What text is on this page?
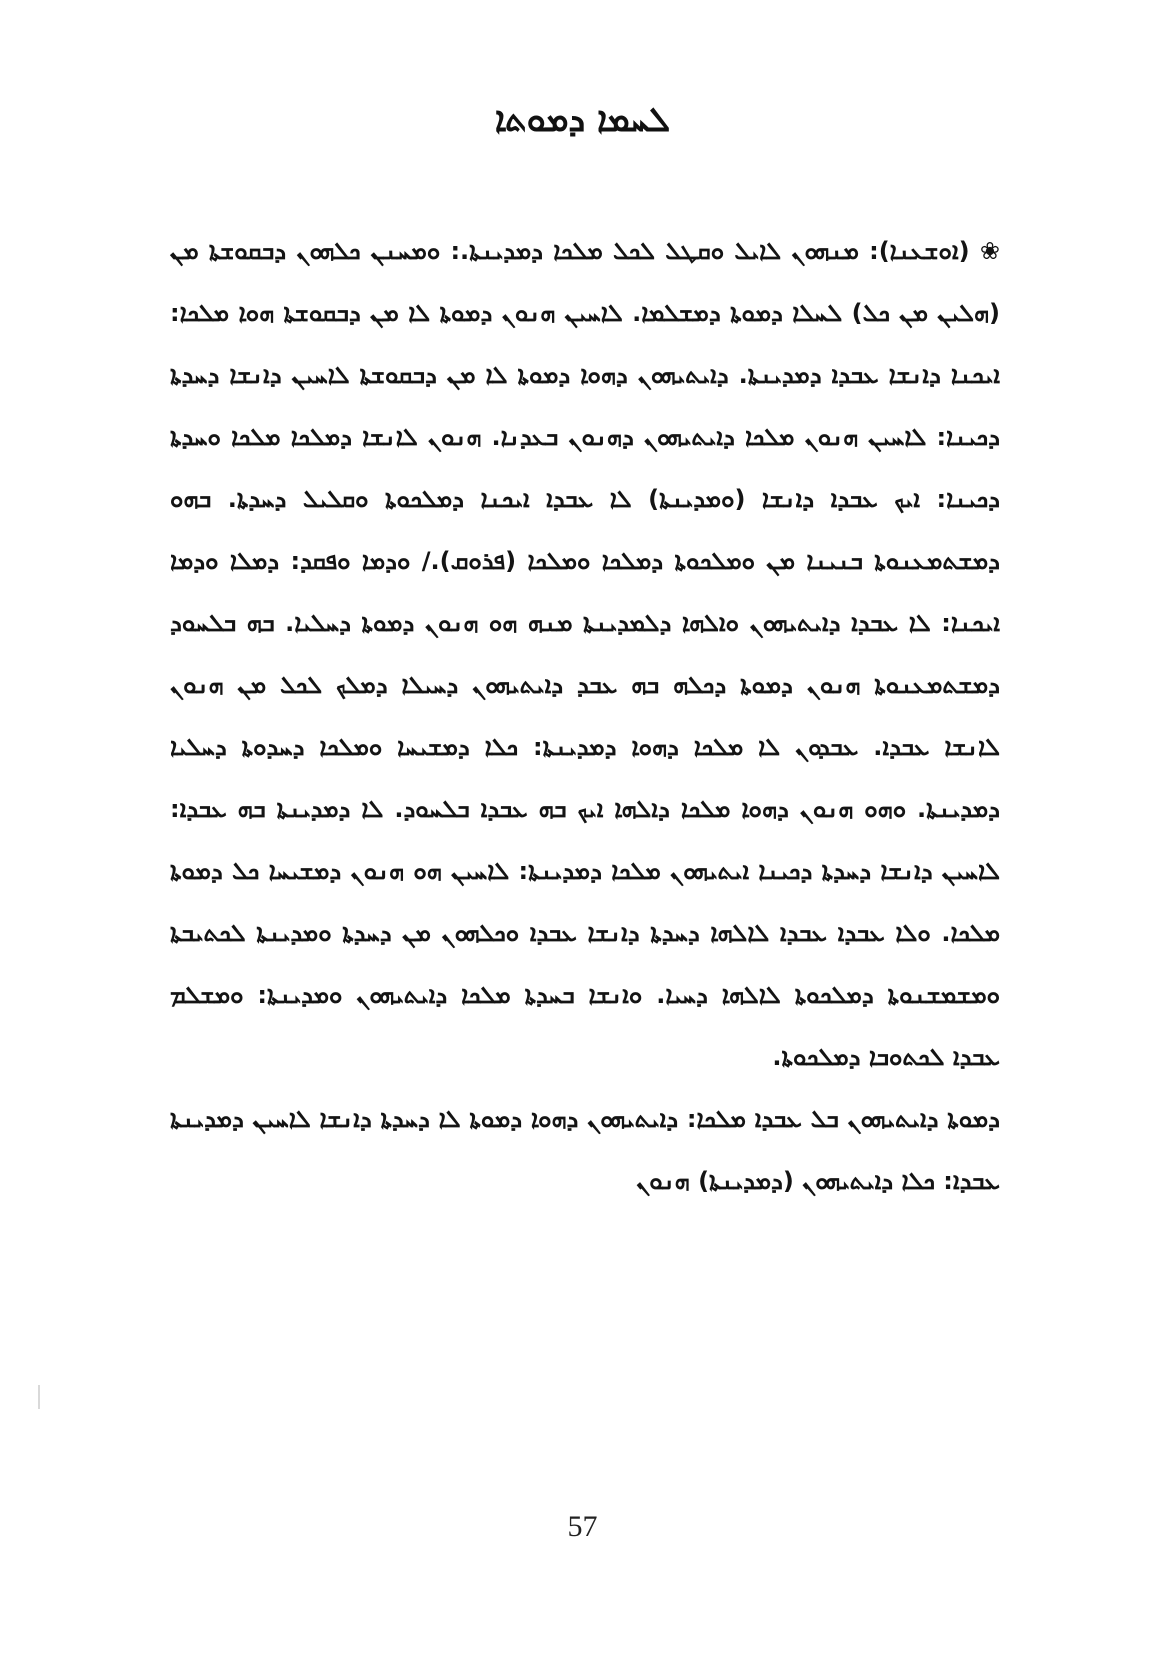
ܠܚܡܐ ܕܡܘܬܐ

❀ (ܐܘܫܥܢܐ): ܡܢܗܘܢ ܠܐܝܠ ܘܩܛܠ ܠܟܠ ܡܠܟܐ ܕܡܕܝܢܬܐ.: ܘܡܚܢܢ ܟܠܗܘܢ ܕܒܩܘܫܬܐ ܡܢ (ܗܠܝܢ ܡܢ ܟܠ) ܠܚܠܐ ܕܡܘܬܐ ܕܡܫܠܡܐ. ܠܐܚܝܢ ܗܢܘܢ ܕܡܘܬܐ ܠܐ ܡܢ ܕܒܩܘܫܬܐ ܗܘܐ ܡܠܟܐ: ܐܝܟܢܐ ܕܐܢܫܐ ܥܒܕܐ ܕܡܕܝܢܬܐ. ܕܐܝܬܝܗܘܢ ܕܗܘܐ ܕܡܘܬܐ ܠܐ ܡܢ ܕܒܩܘܫܬܐ ܠܐܚܝܢ ܕܐܢܫܐ ܕܚܕܬܐ ܕܟܝܢܐ: ܠܐܚܝܢ ܗܢܘܢ ܡܠܟܐ ܕܐܝܬܝܗܘܢ ܕܗܢܘܢ ܒܥܕܢܐ. ܗܢܘܢ ܠܐܢܫܐ ܕܡܠܟܐ ܡܠܟܐ ܘܚܕܬܐ ܕܟܝܢܐ: ܐܝܟ ܥܒܕܐ ܕܐܢܫܐ (ܘܡܕܝܢܬܐ) ܠܐ ܥܒܕܐ ܐܝܟܢܐ ܕܡܠܟܘܬܐ ܘܩܠܝܠ ܕܚܕܬܐ. ܒܗܘ ܕܡܫܬܡܥܢܘܬܐ ܒܢܝܢܐ ܡܢ ܘܡܠܟܘܬܐ ܕܡܠܟܐ ܘܡܠܟܐ (ܦܪܘܩ)./ ܘܕܡܐ ܘܦܩܕ: ܕܡܠܐ ܘܕܡܐ ܐܝܟܢܐ: ܠܐ ܥܒܕܐ ܕܐܝܬܝܗܘܢ ܘܐܠܗܐ ܕܠܡܕܝܢܬܐ ܡܢܗ ܗܘ ܗܢܘܢ ܕܡܘܬܐ ܕܚܠܝܐ. ܒܗ ܒܠܚܘܕ ܕܡܫܬܡܥܢܘܬܐ ܗܢܘܢ ܕܡܘܬܐ ܕܟܠܗ ܒܗ ܥܒܕ ܕܐܝܬܝܗܘܢ ܕܚܝܠܐ ܕܡܠܟ ܠܟܠ ܡܢ ܗܢܘܢ ܠܐܢܫܐ ܥܒܕܐ. ܥܒܕܘܢ ܠܐ ܡܠܟܐ ܕܗܘܐ ܕܡܕܝܢܬܐ: ܟܠܐ ܕܡܫܝܚܐ ܘܡܠܟܐ ܕܚܕܘܬܐ ܕܚܠܝܐ ܕܡܕܝܢܬܐ. ܘܗܘ ܗܢܘܢ ܕܗܘܐ ܡܠܟܐ ܕܐܠܗܐ ܐܝܟ ܒܗ ܥܒܕܐ ܒܠܚܘܕ. ܠܐ ܕܡܕܝܢܬܐ ܒܗ ܥܒܕܐ: ܠܐܚܝܢ ܕܐܢܫܐ ܕܚܕܬܐ ܕܟܝܢܐ ܐܝܬܝܗܘܢ ܡܠܟܐ ܕܡܕܝܢܬܐ: ܠܐܚܝܢ ܗܘ ܗܢܘܢ ܕܡܫܝܚܐ ܟܠ ܕܡܘܬܐ ܡܠܟܐ. ܘܠܐ ܥܒܕܐ ܥܒܕܐ ܠܐܠܗܐ ܕܚܕܬܐ ܕܐܢܫܐ ܥܒܕܐ ܘܟܠܗܘܢ ܡܢ ܕܚܕܬܐ ܘܡܕܝܢܬܐ ܠܟܬܝܒܬܐ ܘܡܫܡܫܢܘܬܐ ܕܡܠܟܘܬܐ ܠܐܠܗܐ ܕܚܝܐ. ܘܐܢܫܐ ܒܚܕܬܐ ܡܠܟܐ ܕܐܝܬܝܗܘܢ ܘܡܕܝܢܬܐ: ܘܡܫܠܡ ܥܒܕܐ ܠܟܬܘܒܐ ܕܡܠܟܘܬܐ.

ܕܡܘܬܐ ܕܐܝܬܝܗܘܢ ܒܠ ܥܒܕܐ ܡܠܟܐ: ܕܐܝܬܝܗܘܢ ܕܗܘܐ ܕܡܘܬܐ ܠܐ ܕܚܕܬܐ ܕܐܢܫܐ ܠܐܚܝܢ ܕܡܕܝܢܬܐ ܥܒܕܐ: ܟܠܐ ܕܐܝܬܝܗܘܢ (ܕܡܕܝܢܬܐ) ܗܢܘܢ

57
